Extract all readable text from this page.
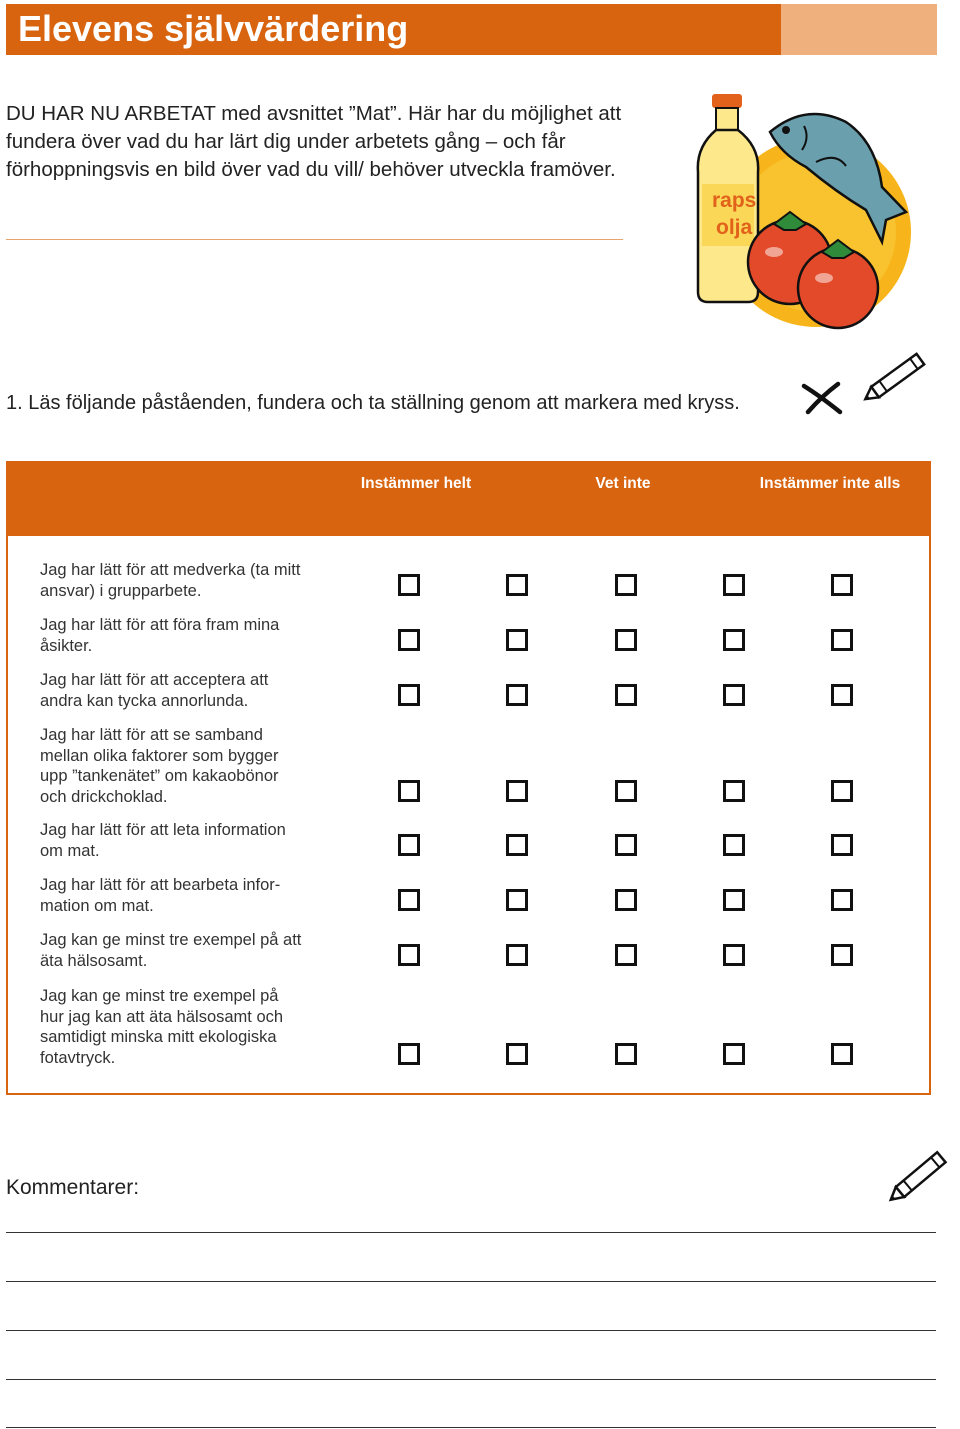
Elevens självvärdering
DU HAR NU ARBETAT med avsnittet ”Mat”. Här har du möjlighet att fundera över vad du har lärt dig under arbetets gång – och får förhoppningsvis en bild över vad du vill/ behöver utveckla framöver.
raps
olja
1. Läs följande påståenden, fundera och ta ställning genom att markera med kryss.
Instämmer helt	Vet inte	Instämmer inte alls
Jag har lätt för att medverka (ta mitt
ansvar) i grupparbete.
Jag har lätt för att föra fram mina
åsikter.
Jag har lätt för att acceptera att
andra kan tycka annorlunda.
Jag har lätt för att se samband
mellan olika faktorer som bygger
upp ”tankenätet” om kakaobönor
och drickchoklad.
Jag har lätt för att leta information
om mat.
Jag har lätt för att bearbeta infor-
mation om mat.
Jag kan ge minst tre exempel på att
äta hälsosamt.
Jag kan ge minst tre exempel på
hur jag kan att äta hälsosamt och
samtidigt minska mitt ekologiska
fotavtryck.
Kommentarer:
